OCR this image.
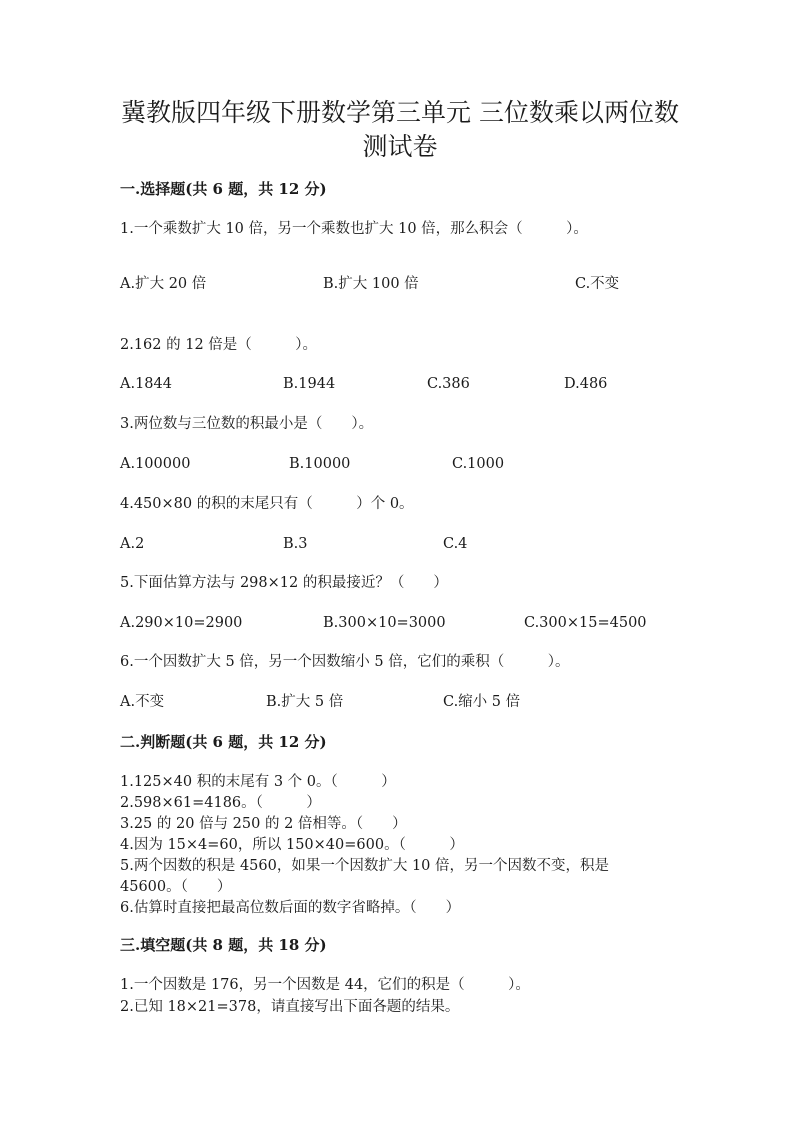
冀教版四年级下册数学第三单元 三位数乘以两位数
测试卷
一.选择题(共 6 题，共 12 分)

1.一个乘数扩大 10 倍，另一个乘数也扩大 10 倍，那么积会（　　　）。

A.扩大 20 倍	B.扩大 100 倍	C.不变

2.162 的 12 倍是（　　　）。

A.1844	B.1944	C.386	D.486

3.两位数与三位数的积最小是（　　）。

A.100000	B.10000	C.1000

4.450×80 的积的末尾只有（　　　）个 0。

A.2	B.3	C.4

5.下面估算方法与 298×12 的积最接近？（　　）

A.290×10=2900	B.300×10=3000	C.300×15=4500

6.一个因数扩大 5 倍，另一个因数缩小 5 倍，它们的乘积（　　　）。

A.不变	B.扩大 5 倍	C.缩小 5 倍
二.判断题(共 6 题，共 12 分)

1.125×40 积的末尾有 3 个 0。（　　　）

2.598×61=4186。（　　　）

3.25 的 20 倍与 250 的 2 倍相等。（　　）

4.因为 15×4=60，所以 150×40=600。（　　　）

5.两个因数的积是 4560，如果一个因数扩大 10 倍，另一个因数不变，积是

45600。（　　）

6.估算时直接把最高位数后面的数字省略掉。（　　）

三.填空题(共 8 题，共 18 分)

1.一个因数是 176，另一个因数是 44，它们的积是（　　　）。

2.已知 18×21=378，请直接写出下面各题的结果。
